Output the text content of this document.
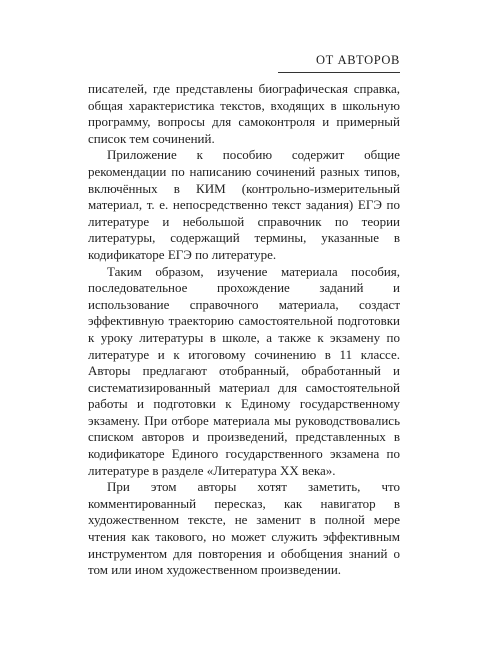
ОТ АВТОРОВ

писателей, где представлены биографическая справка, общая характеристика текстов, входящих в школьную программу, вопросы для самоконтроля и примерный список тем сочинений.

Приложение к пособию содержит общие рекомендации по написанию сочинений разных типов, включённых в КИМ (контрольно-измерительный материал, т. е. непосредственно текст задания) ЕГЭ по литературе и небольшой справочник по теории литературы, содержащий термины, указанные в кодификаторе ЕГЭ по литературе.

Таким образом, изучение материала пособия, последовательное прохождение заданий и использование справочного материала, создаст эффективную траекторию самостоятельной подготовки к уроку литературы в школе, а также к экзамену по литературе и к итоговому сочинению в 11 классе. Авторы предлагают отобранный, обработанный и систематизированный материал для самостоятельной работы и подготовки к Единому государственному экзамену. При отборе материала мы руководствовались списком авторов и произведений, представленных в кодификаторе Единого государственного экзамена по литературе в разделе «Литература XX века».

При этом авторы хотят заметить, что комментированный пересказ, как навигатор в художественном тексте, не заменит в полной мере чтения как такового, но может служить эффективным инструментом для повторения и обобщения знаний о том или ином художественном произведении.
